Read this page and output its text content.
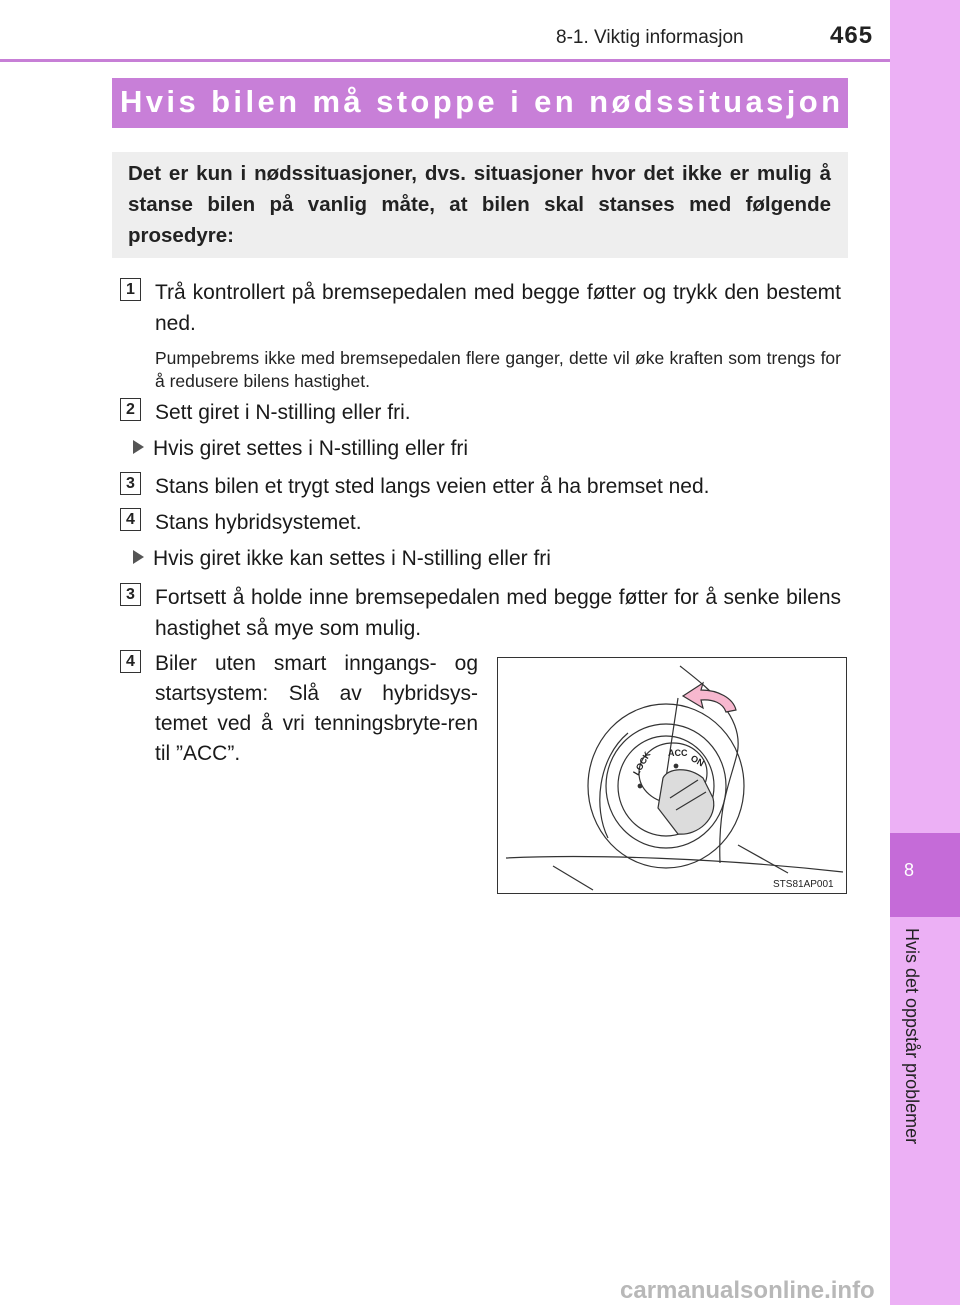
8-1. Viktig informasjon	465
8
Hvis det oppstår problemer
Hvis bilen må stoppe i en nødssituasjon

Det er kun i nødssituasjoner, dvs. situasjoner hvor det ikke er mulig å stanse bilen på vanlig måte, at bilen skal stanses med følgende prosedyre:

1 Trå kontrollert på bremsepedalen med begge føtter og trykk den bestemt ned.
Pumpebrems ikke med bremsepedalen flere ganger, dette vil øke kraften som trengs for å redusere bilens hastighet.
2 Sett giret i N-stilling eller fri.
Hvis giret settes i N-stilling eller fri
3 Stans bilen et trygt sted langs veien etter å ha bremset ned.
4 Stans hybridsystemet.
Hvis giret ikke kan settes i N-stilling eller fri
3 Fortsett å holde inne bremsepedalen med begge føtter for å senke bilens hastighet så mye som mulig.
4 Biler uten smart inngangs- og startsystem: Slå av hybridsys-temet ved å vri tenningsbryte-ren til ”ACC”.	LOCK ACC
ON
STS81AP001
carmanualsonline.info
